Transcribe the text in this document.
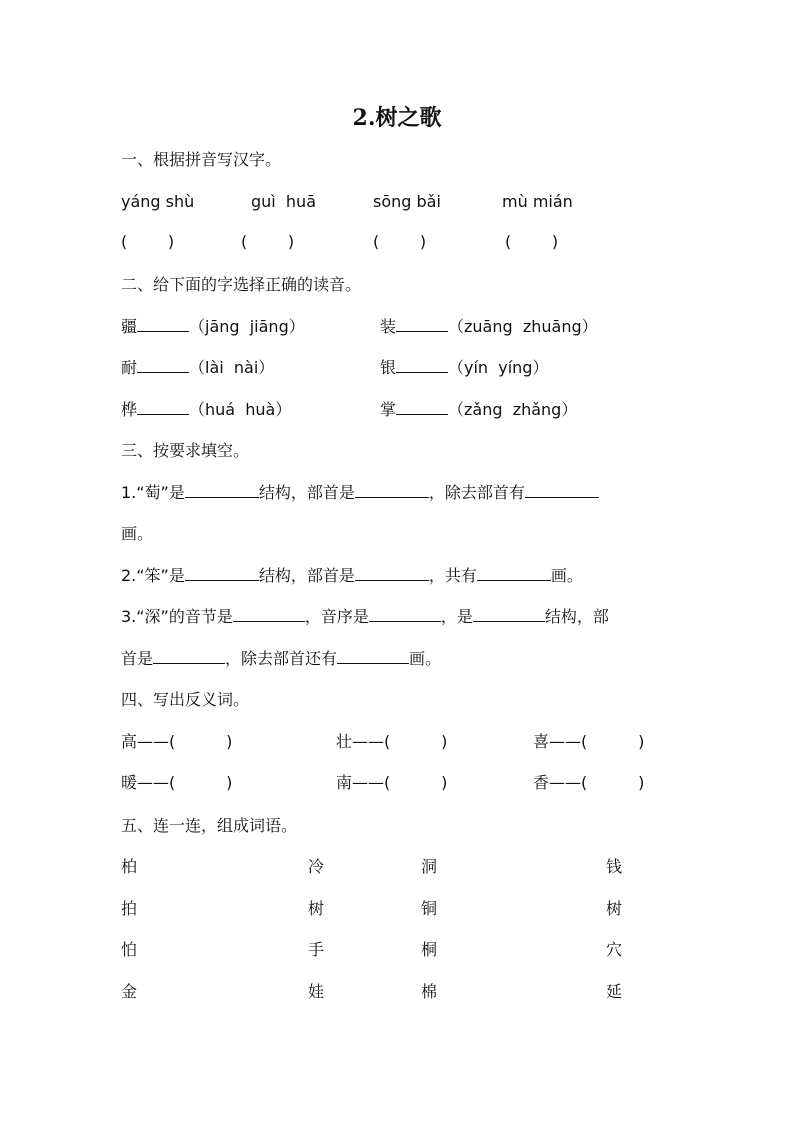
2.树之歌
一、根据拼音写汉字。
yáng shù	guì  huā	sōng bǎi	mù mián
(        )	(        )	(        )	(        )
二、给下面的字选择正确的读音。
疆	（jāng  jiāng）	装	（zuāng  zhuāng）
耐	（lài  nài）	银	（yín  yíng）
桦	（huá  huà）	掌	（zǎng  zhǎng）
三、按要求填空。
1.“萄”是	结构，部首是	，除去部首有
画。
2.“笨”是	结构，部首是	，共有	画。
3.“深”的音节是	，音序是	，是	结构，部
首是	，除去部首还有	画。
四、写出反义词。
高——(          )	壮——(          )	喜——(          )
暖——(          )	南——(          )	香——(          )
五、连一连，组成词语。
柏	冷	洞	钱
拍	树	铜	树
怕	手	桐	穴
金	娃	棉	延
